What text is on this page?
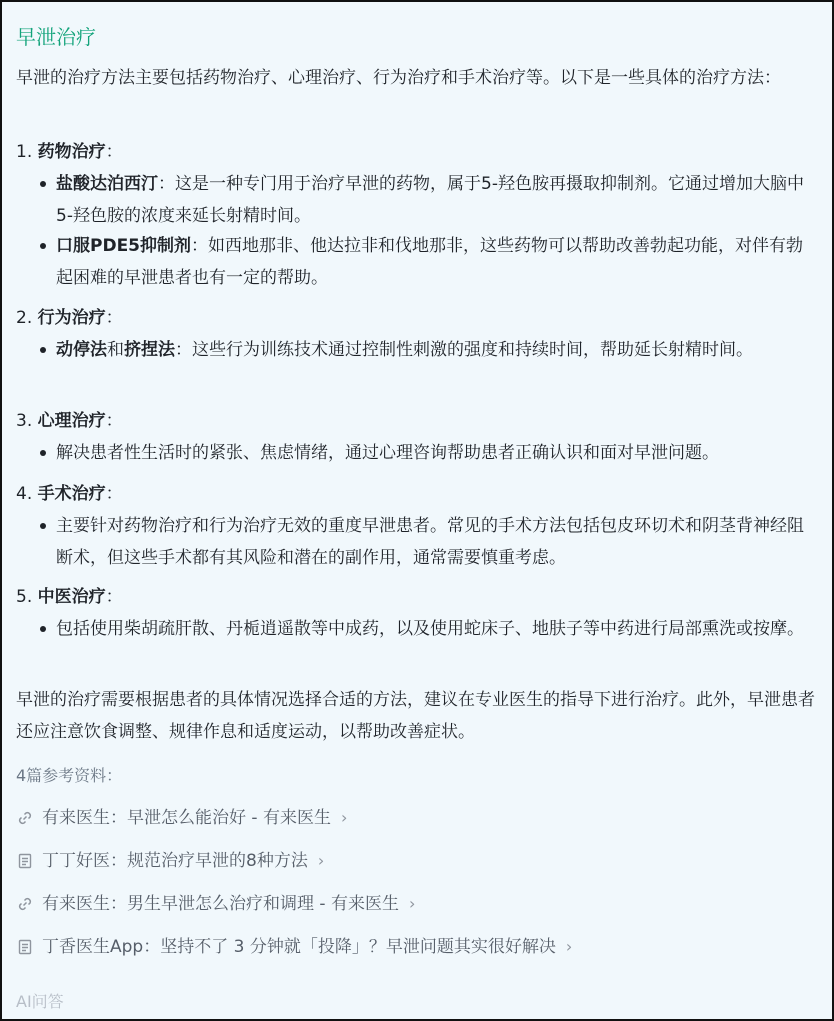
早泄治疗

早泄的治疗方法主要包括药物治疗、心理治疗、行为治疗和手术治疗等。以下是一些具体的治疗方法：

1. 药物治疗：
盐酸达泊西汀：这是一种专门用于治疗早泄的药物，属于5-羟色胺再摄取抑制剂。它通过增加大脑中5-羟色胺的浓度来延长射精时间。
口服PDE5抑制剂：如西地那非、他达拉非和伐地那非，这些药物可以帮助改善勃起功能，对伴有勃起困难的早泄患者也有一定的帮助。
2. 行为治疗：
动停法和挤捏法：这些行为训练技术通过控制性刺激的强度和持续时间，帮助延长射精时间。
3. 心理治疗：
解决患者性生活时的紧张、焦虑情绪，通过心理咨询帮助患者正确认识和面对早泄问题。
4. 手术治疗：
主要针对药物治疗和行为治疗无效的重度早泄患者。常见的手术方法包括包皮环切术和阴茎背神经阻断术，但这些手术都有其风险和潜在的副作用，通常需要慎重考虑。
5. 中医治疗：
包括使用柴胡疏肝散、丹栀逍遥散等中成药，以及使用蛇床子、地肤子等中药进行局部熏洗或按摩。

早泄的治疗需要根据患者的具体情况选择合适的方法，建议在专业医生的指导下进行治疗。此外，早泄患者还应注意饮食调整、规律作息和适度运动，以帮助改善症状。

4篇参考资料：
有来医生：早泄怎么能治好 - 有来医生 ›
丁丁好医：规范治疗早泄的8种方法 ›
有来医生：男生早泄怎么治疗和调理 - 有来医生 ›
丁香医生App：坚持不了 3 分钟就「投降」？早泄问题其实很好解决 ›
AI问答
